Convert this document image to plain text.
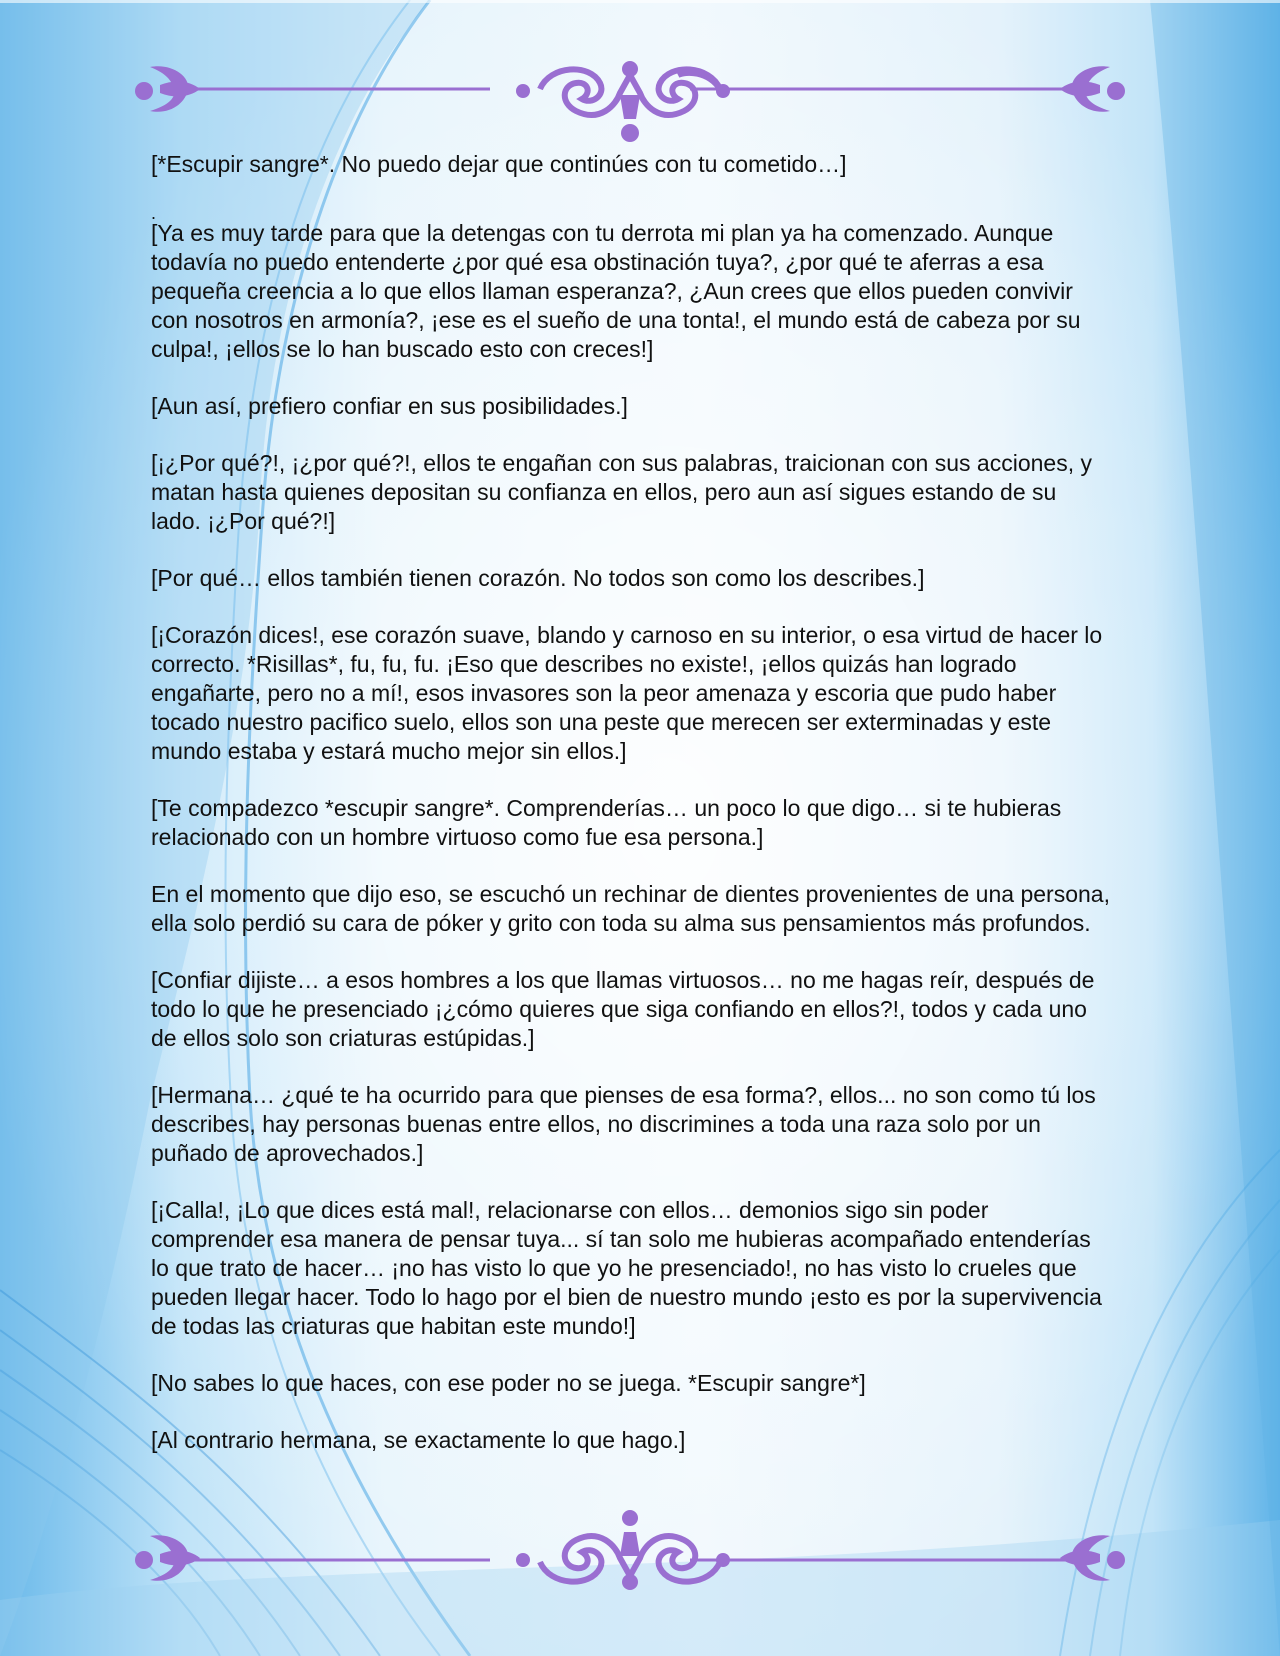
[*Escupir sangre*. No puedo dejar que continúes con tu cometido…]

.

[Ya es muy tarde para que la detengas con tu derrota mi plan ya ha comenzado. Aunque todavía no puedo entenderte ¿por qué esa obstinación tuya?, ¿por qué te aferras a esa pequeña creencia a lo que ellos llaman esperanza?, ¿Aun crees que ellos pueden convivir con nosotros en armonía?, ¡ese es el sueño de una tonta!, el mundo está de cabeza por su culpa!, ¡ellos se lo han buscado esto con creces!]

[Aun así, prefiero confiar en sus posibilidades.]

[¡¿Por qué?!, ¡¿por qué?!, ellos te engañan con sus palabras, traicionan con sus acciones, y matan hasta quienes depositan su confianza en ellos, pero aun así sigues estando de su lado. ¡¿Por qué?!]

[Por qué… ellos también tienen corazón. No todos son como los describes.]

[¡Corazón dices!, ese corazón suave, blando y carnoso en su interior, o esa virtud de hacer lo correcto. *Risillas*, fu, fu, fu. ¡Eso que describes no existe!, ¡ellos quizás han logrado engañarte, pero no a mí!, esos invasores son la peor amenaza y escoria que pudo haber tocado nuestro pacifico suelo, ellos son una peste que merecen ser exterminadas y este mundo estaba y estará mucho mejor sin ellos.]

[Te compadezco *escupir sangre*. Comprenderías… un poco lo que digo… si te hubieras relacionado con un hombre virtuoso como fue esa persona.]

En el momento que dijo eso, se escuchó un rechinar de dientes provenientes de una persona, ella solo perdió su cara de póker y grito con toda su alma sus pensamientos más profundos.

[Confiar dijiste… a esos hombres a los que llamas virtuosos… no me hagas reír, después de todo lo que he presenciado ¡¿cómo quieres que siga confiando en ellos?!, todos y cada uno de ellos solo son criaturas estúpidas.]

[Hermana… ¿qué te ha ocurrido para que pienses de esa forma?, ellos... no son como tú los describes, hay personas buenas entre ellos, no discrimines a toda una raza solo por un puñado de aprovechados.]

[¡Calla!, ¡Lo que dices está mal!, relacionarse con ellos… demonios sigo sin poder comprender esa manera de pensar tuya... sí tan solo me hubieras acompañado entenderías lo que trato de hacer… ¡no has visto lo que yo he presenciado!, no has visto lo crueles que pueden llegar hacer. Todo lo hago por el bien de nuestro mundo ¡esto es por la supervivencia de todas las criaturas que habitan este mundo!]

[No sabes lo que haces, con ese poder no se juega. *Escupir sangre*]

[Al contrario hermana, se exactamente lo que hago.]
